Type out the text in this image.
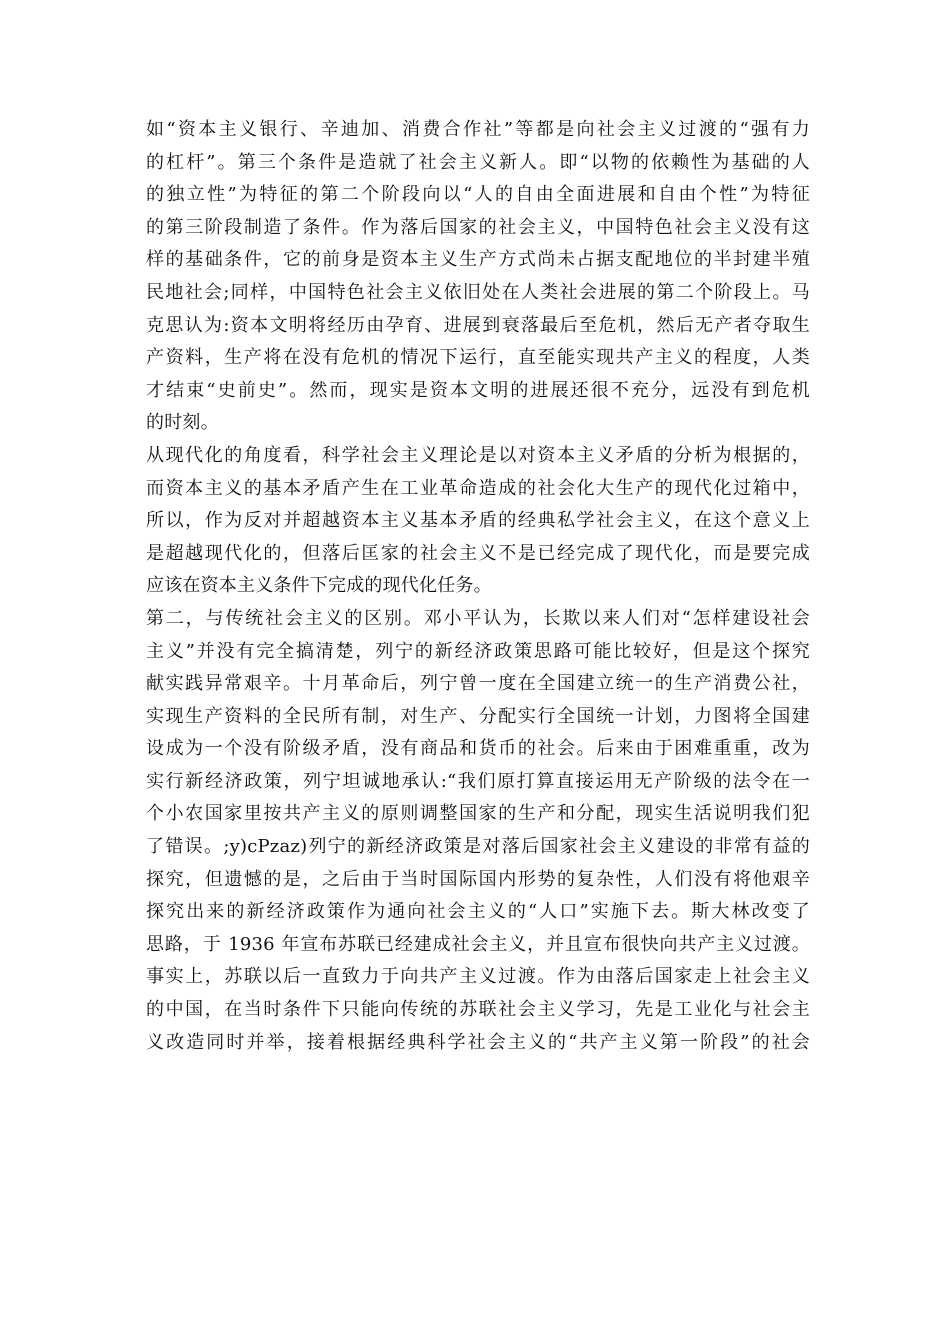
如“资本主义银行、辛迪加、消费合作社”等都是向社会主义过渡的“强有力
的杠杆”。第三个条件是造就了社会主义新人。即“以物的依赖性为基础的人
的独立性”为特征的第二个阶段向以“人的自由全面进展和自由个性”为特征
的第三阶段制造了条件。作为落后国家的社会主义，中国特色社会主义没有这
样的基础条件，它的前身是资本主义生产方式尚未占据支配地位的半封建半殖
民地社会;同样，中国特色社会主义依旧处在人类社会进展的第二个阶段上。马
克思认为:资本文明将经历由孕育、进展到衰落最后至危机，然后无产者夺取生
产资料，生产将在没有危机的情况下运行，直至能实现共产主义的程度，人类
才结束“史前史”。然而，现实是资本文明的进展还很不充分，远没有到危机
的时刻。
从现代化的角度看，科学社会主义理论是以对资本主义矛盾的分析为根据的，
而资本主义的基本矛盾产生在工业革命造成的社会化大生产的现代化过箱中，
所以，作为反对并超越资本主义基本矛盾的经典私学社会主义，在这个意义上
是超越现代化的，但落后匡家的社会主义不是已经完成了现代化，而是要完成
应该在资本主义条件下完成的现代化任务。
第二，与传统社会主义的区别。邓小平认为，长欺以来人们对“怎样建设社会
主义”并没有完全搞清楚，列宁的新经济政策思路可能比较好，但是这个探究
献实践异常艰辛。十月革命后，列宁曾一度在全国建立统一的生产消费公社，
实现生产资料的全民所有制，对生产、分配实行全国统一计划，力图将全国建
设成为一个没有阶级矛盾，没有商品和货币的社会。后来由于困难重重，改为
实行新经济政策，列宁坦诚地承认:“我们原打算直接运用无产阶级的法令在一
个小农国家里按共产主义的原则调整国家的生产和分配，现实生活说明我们犯
了错误。;y)cPzaz)列宁的新经济政策是对落后国家社会主义建设的非常有益的
探究，但遗憾的是，之后由于当时国际国内形势的复杂性，人们没有将他艰辛
探究出来的新经济政策作为通向社会主义的“人口”实施下去。斯大林改变了
思路，于 1936 年宣布苏联已经建成社会主义，并且宣布很快向共产主义过渡。
事实上，苏联以后一直致力于向共产主义过渡。作为由落后国家走上社会主义
的中国，在当时条件下只能向传统的苏联社会主义学习，先是工业化与社会主
义改造同时并举，接着根据经典科学社会主义的“共产主义第一阶段”的社会
